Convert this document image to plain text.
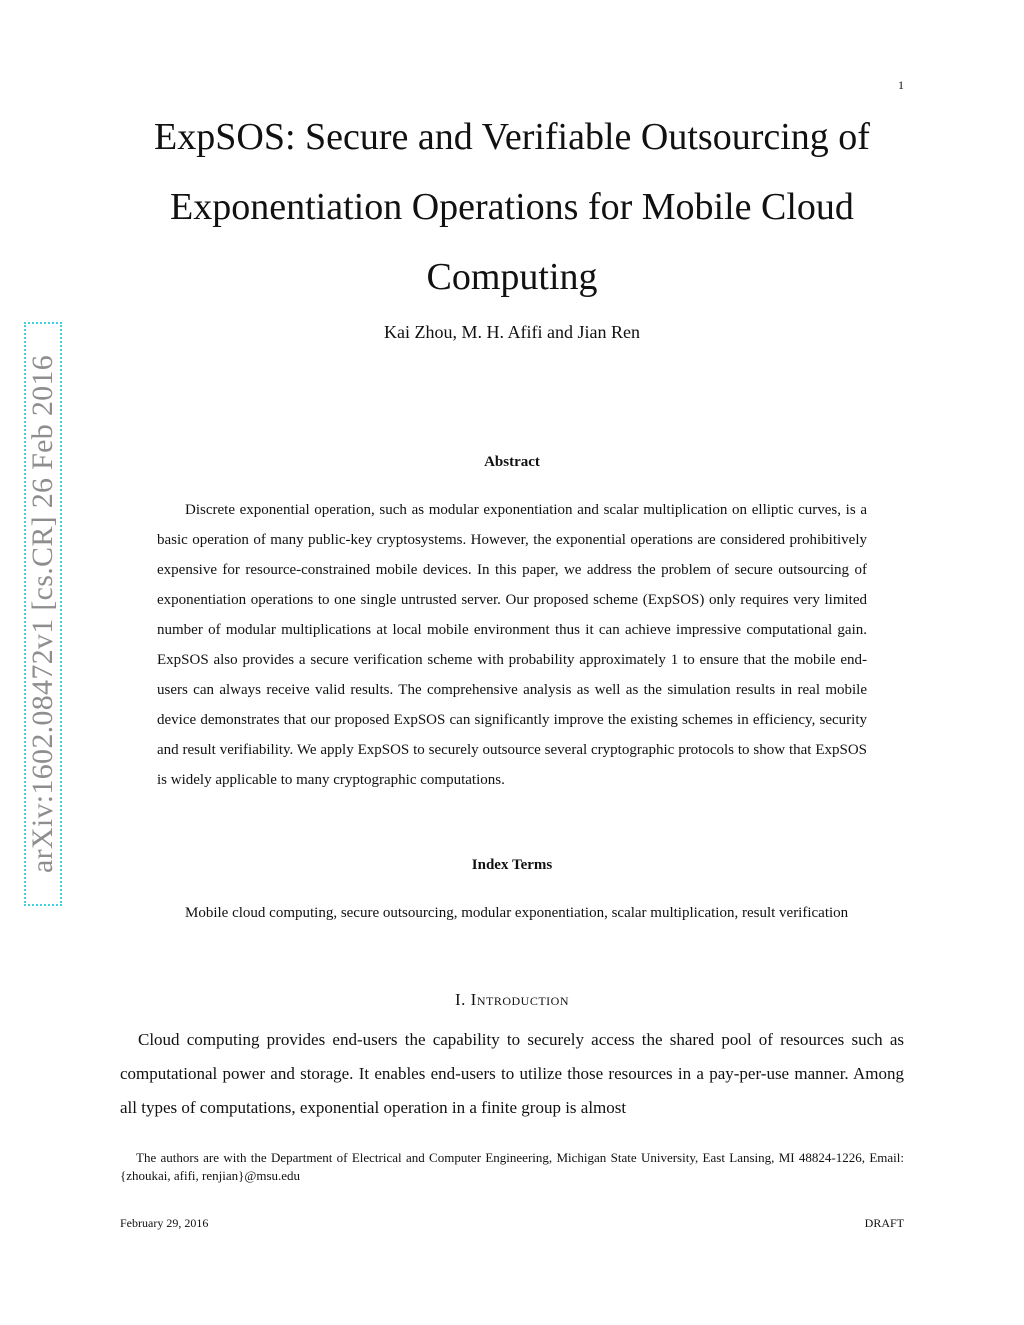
1
ExpSOS: Secure and Verifiable Outsourcing of Exponentiation Operations for Mobile Cloud Computing
Kai Zhou, M. H. Afifi and Jian Ren
arXiv:1602.08472v1 [cs.CR] 26 Feb 2016	Abstract

Discrete exponential operation, such as modular exponentiation and scalar multiplication on elliptic curves, is a basic operation of many public-key cryptosystems. However, the exponential operations are considered prohibitively expensive for resource-constrained mobile devices. In this paper, we address the problem of secure outsourcing of exponentiation operations to one single untrusted server. Our proposed scheme (ExpSOS) only requires very limited number of modular multiplications at local mobile environment thus it can achieve impressive computational gain. ExpSOS also provides a secure verification scheme with probability approximately 1 to ensure that the mobile end-users can always receive valid results. The comprehensive analysis as well as the simulation results in real mobile device demonstrates that our proposed ExpSOS can significantly improve the existing schemes in efficiency, security and result verifiability. We apply ExpSOS to securely outsource several cryptographic protocols to show that ExpSOS is widely applicable to many cryptographic computations.

Index Terms

Mobile cloud computing, secure outsourcing, modular exponentiation, scalar multiplication, result verification

I. Introduction

Cloud computing provides end-users the capability to securely access the shared pool of resources such as computational power and storage. It enables end-users to utilize those resources in a pay-per-use manner. Among all types of computations, exponential operation in a finite group is almost

The authors are with the Department of Electrical and Computer Engineering, Michigan State University, East Lansing, MI 48824-1226, Email: {zhoukai, afifi, renjian}@msu.edu

February 29, 2016	DRAFT
